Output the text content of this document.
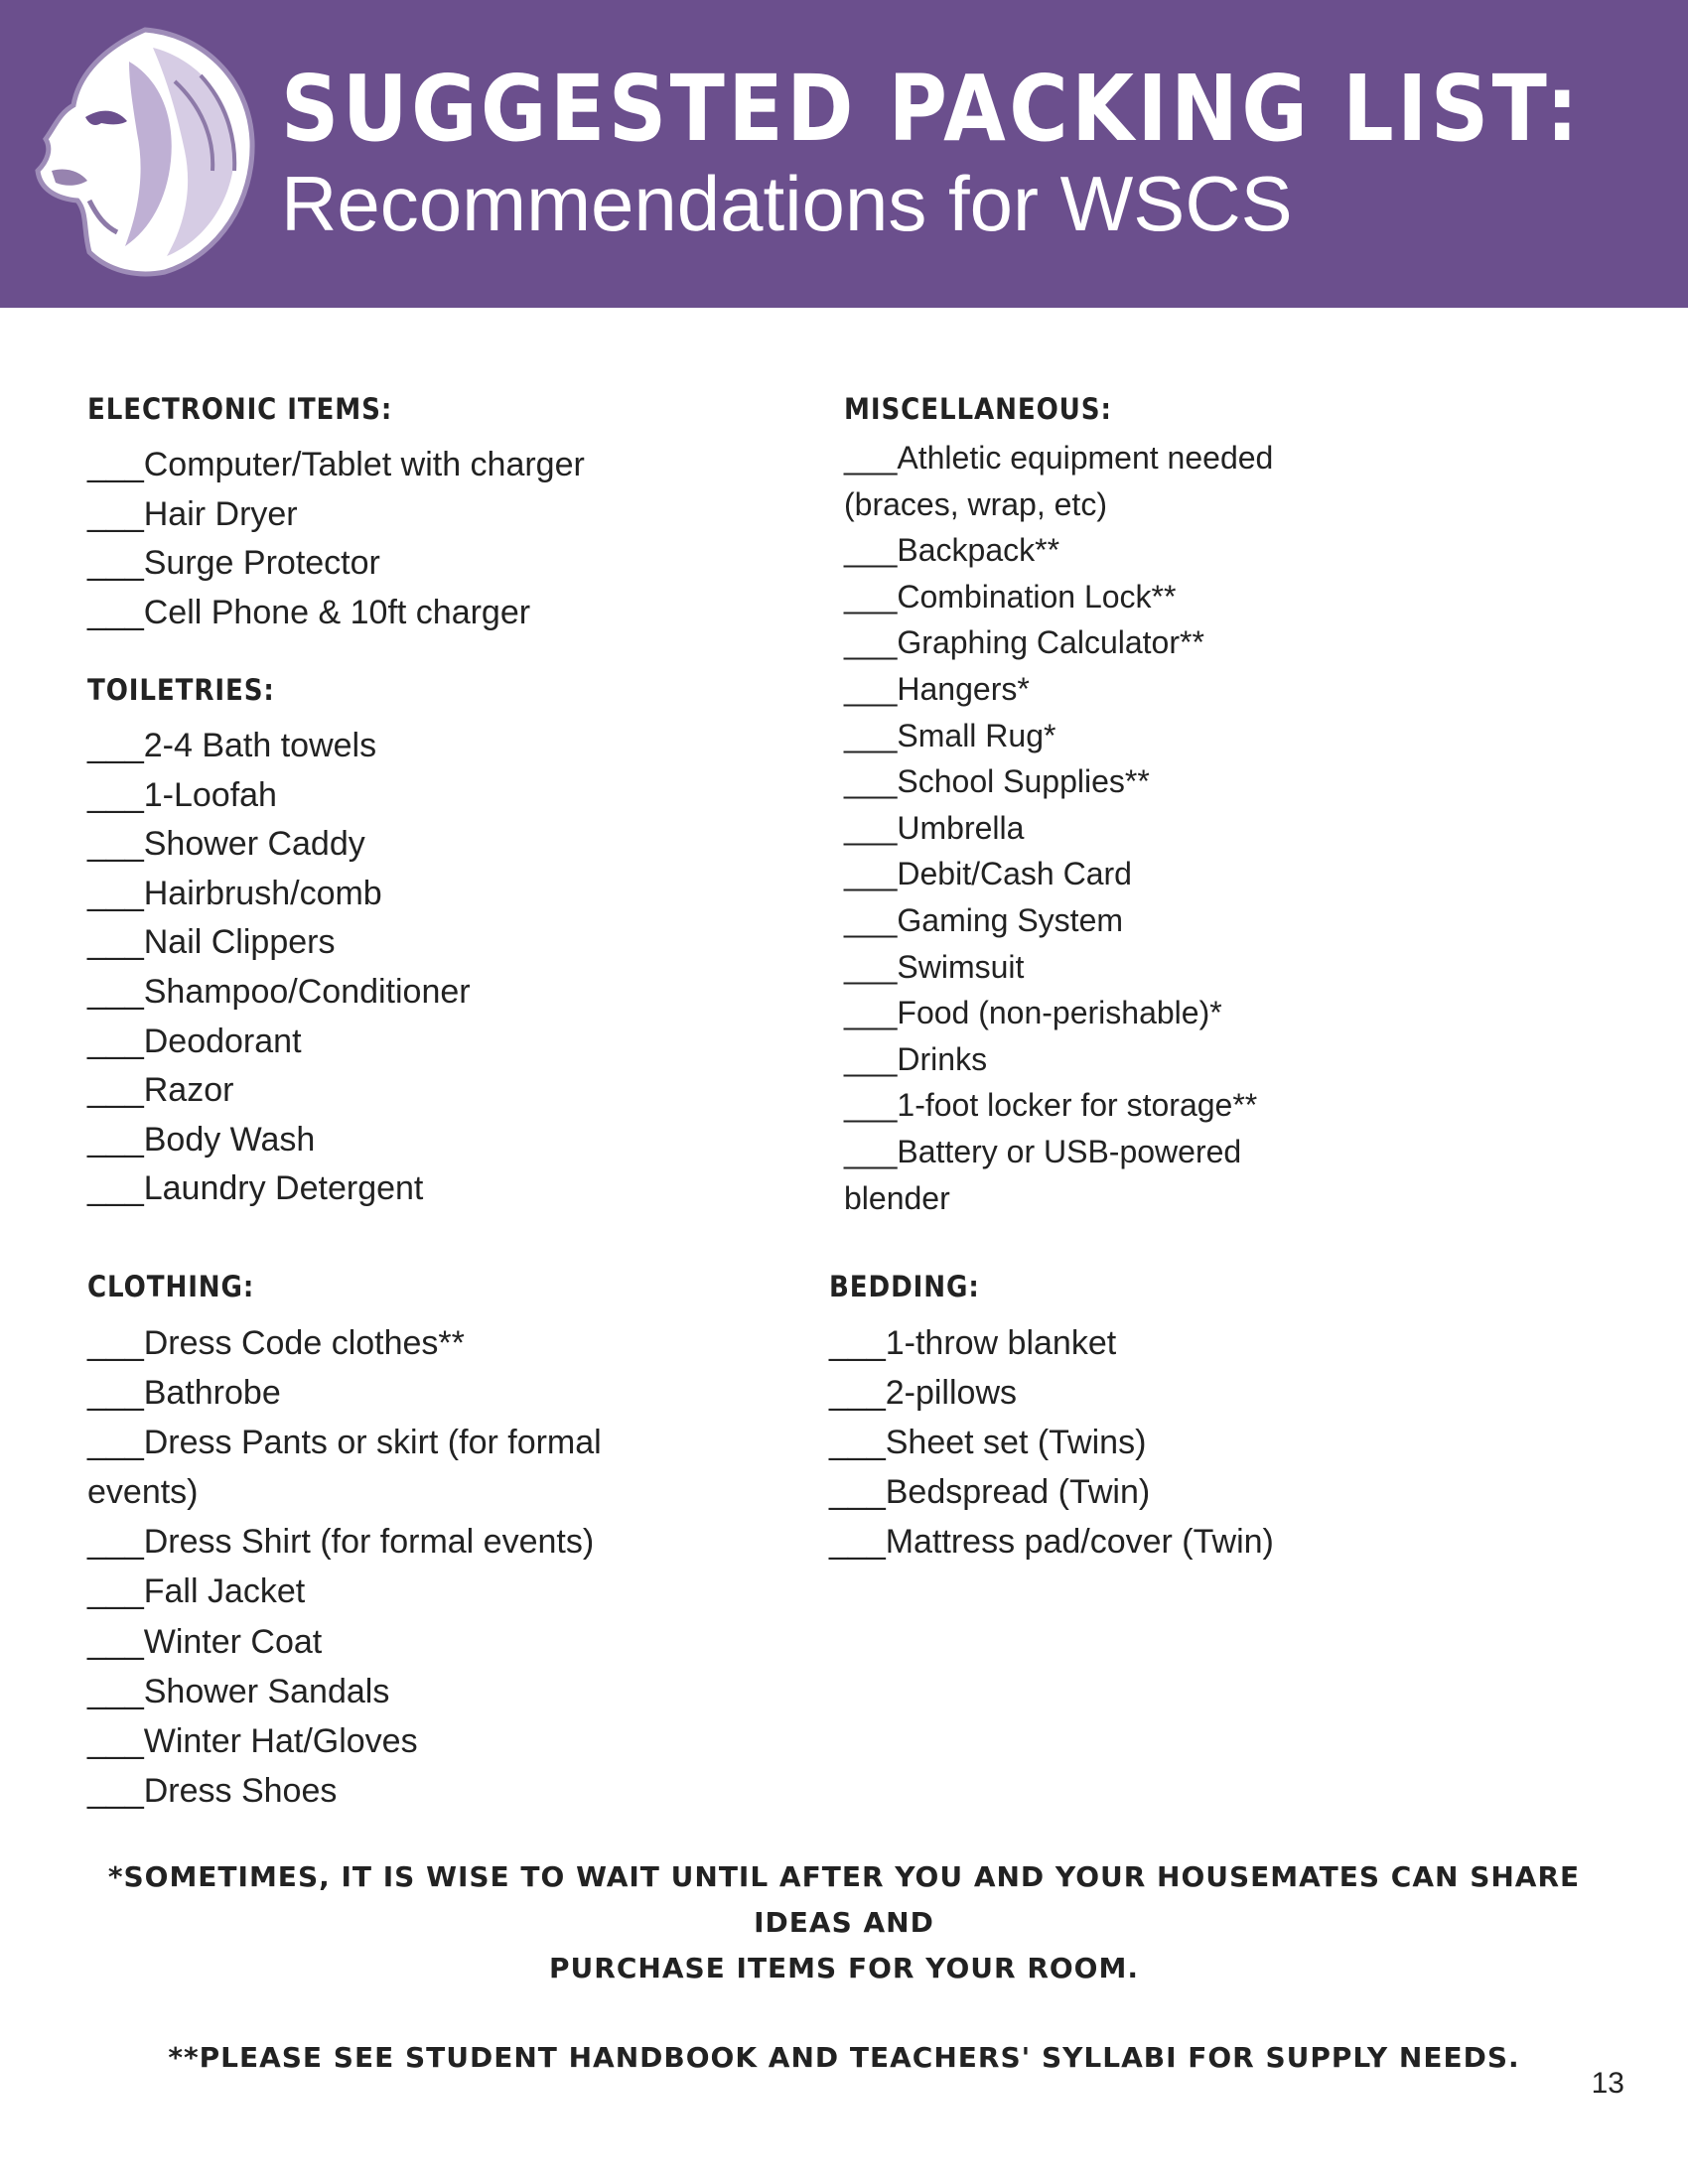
SUGGESTED PACKING LIST:
Recommendations for WSCS
ELECTRONIC ITEMS:
___Computer/Tablet with charger
___Hair Dryer
___Surge Protector
___Cell Phone & 10ft charger
TOILETRIES:
___2-4 Bath towels
___1-Loofah
___Shower Caddy
___Hairbrush/comb
___Nail Clippers
___Shampoo/Conditioner
___Deodorant
___Razor
___Body Wash
___Laundry Detergent
CLOTHING:
___Dress Code clothes**
___Bathrobe
___Dress Pants or skirt (for formal
events)
___Dress Shirt (for formal events)
___Fall Jacket
___Winter Coat
___Shower Sandals
___Winter Hat/Gloves
___Dress Shoes
MISCELLANEOUS:
___Athletic equipment needed
(braces, wrap, etc)
___Backpack**
___Combination Lock**
___Graphing Calculator**
___Hangers*
___Small Rug*
___School Supplies**
___Umbrella
___Debit/Cash Card
___Gaming System
___Swimsuit
___Food (non-perishable)*
___Drinks
___1-foot locker for storage**
___Battery or USB-powered
blender
BEDDING:
___1-throw blanket
___2-pillows
___Sheet set (Twins)
___Bedspread (Twin)
___Mattress pad/cover (Twin)
*SOMETIMES, IT IS WISE TO WAIT UNTIL AFTER YOU AND YOUR HOUSEMATES CAN SHARE IDEAS AND
PURCHASE ITEMS FOR YOUR ROOM.
**PLEASE SEE STUDENT HANDBOOK AND TEACHERS' SYLLABI FOR SUPPLY NEEDS.
13
